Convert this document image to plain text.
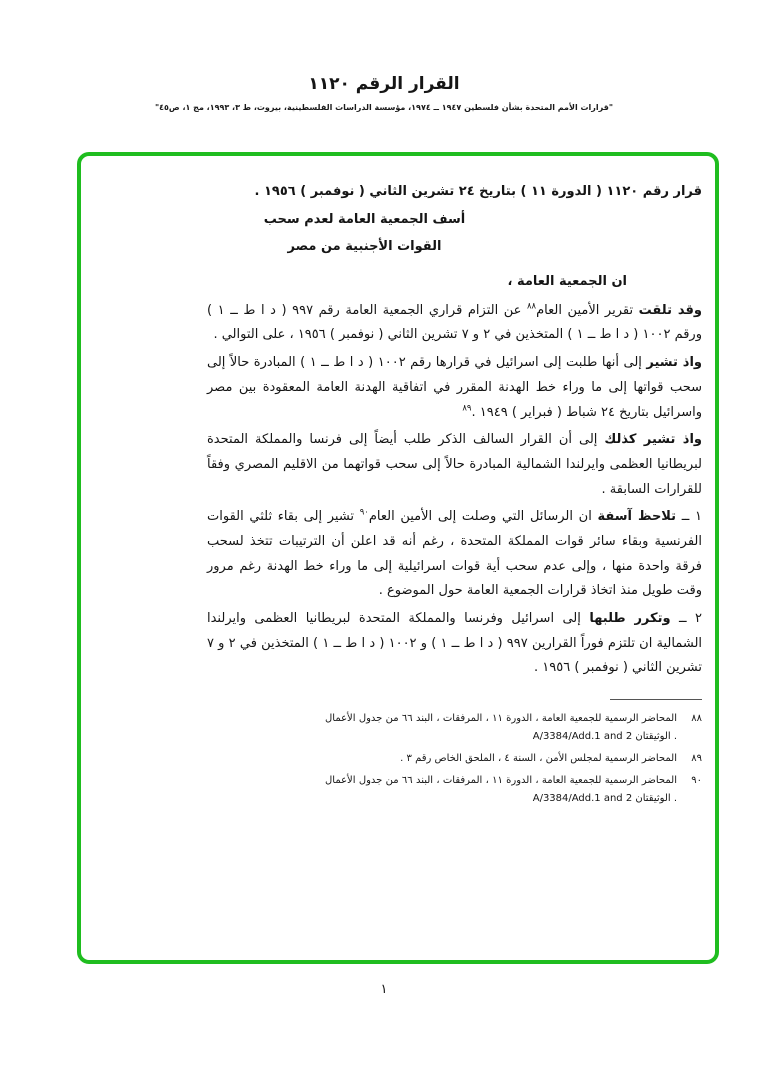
القرار الرقم ١١٢٠
"قرارات الأمم المتحدة بشأن فلسطين ١٩٤٧ ــ ١٩٧٤، مؤسسة الدراسات الفلسطينية، بيروت، ط ٣، ١٩٩٣، مج ١، ص٤٥"

قرار رقم ١١٢٠ ( الدورة ١١ ) بتاريخ ٢٤ تشرين الثاني ( نوفمبر ) ١٩٥٦ .

أسف الجمعية العامة لعدم سحب

القوات الأجنبية من مصر

ان الجمعية العامة ،

وقد تلقت تقرير الأمين العام$^{٨٨}$ عن التزام قراري الجمعية العامة رقم ٩٩٧ ( د ا ط ــ ١ ) ورقم ١٠٠٢ ( د ا ط ــ ١ ) المتخذين في ٢ و ٧ تشرين الثاني ( نوفمبر ) ١٩٥٦ ، على التوالي .

واذ تشير إلى أنها طلبت إلى اسرائيل في قرارها رقم ١٠٠٢ ( د ا ط ــ ١ ) المبادرة حالاً إلى سحب قواتها إلى ما وراء خط الهدنة المقرر في اتفاقية الهدنة العامة المعقودة بين مصر واسرائيل بتاريخ ٢٤ شباط ( فبراير ) ١٩٤٩ .$^{٨٩}$

واذ تشير كذلك إلى أن القرار السالف الذكر طلب أيضاً إلى فرنسا والمملكة المتحدة لبريطانيا العظمى وايرلندا الشمالية المبادرة حالاً إلى سحب قواتهما من الاقليم المصري وفقاً للقرارات السابقة .

١ ــ تلاحظ آسفة ان الرسائل التي وصلت إلى الأمين العام$^{٩٠}$ تشير إلى بقاء ثلثي القوات الفرنسية وبقاء سائر قوات المملكة المتحدة ، رغم أنه قد اعلن أن الترتيبات تتخذ لسحب فرقة واحدة منها ، وإلى عدم سحب أية قوات اسرائيلية إلى ما وراء خط الهدنة رغم مرور وقت طويل منذ اتخاذ قرارات الجمعية العامة حول الموضوع .

٢ ــ وتكرر طلبها إلى اسرائيل وفرنسا والمملكة المتحدة لبريطانيا العظمى وايرلندا الشمالية ان تلتزم فوراً القرارين ٩٩٧ ( د ا ط ــ ١ ) و ١٠٠٢ ( د ا ط ــ ١ ) المتخذين في ٢ و ٧ تشرين الثاني ( نوفمبر ) ١٩٥٦ .

٨٨
المحاضر الرسمية للجمعية العامة ، الدورة ١١ ، المرفقات ، البند ٦٦ من جدول الأعمال . الوثيقتان A/3384/Add.1 and 2
٨٩
المحاضر الرسمية لمجلس الأمن ، السنة ٤ ، الملحق الخاص رقم ٣ .
٩٠
المحاضر الرسمية للجمعية العامة ، الدورة ١١ ، المرفقات ، البند ٦٦ من جدول الأعمال . الوثيقتان A/3384/Add.1 and 2
١
